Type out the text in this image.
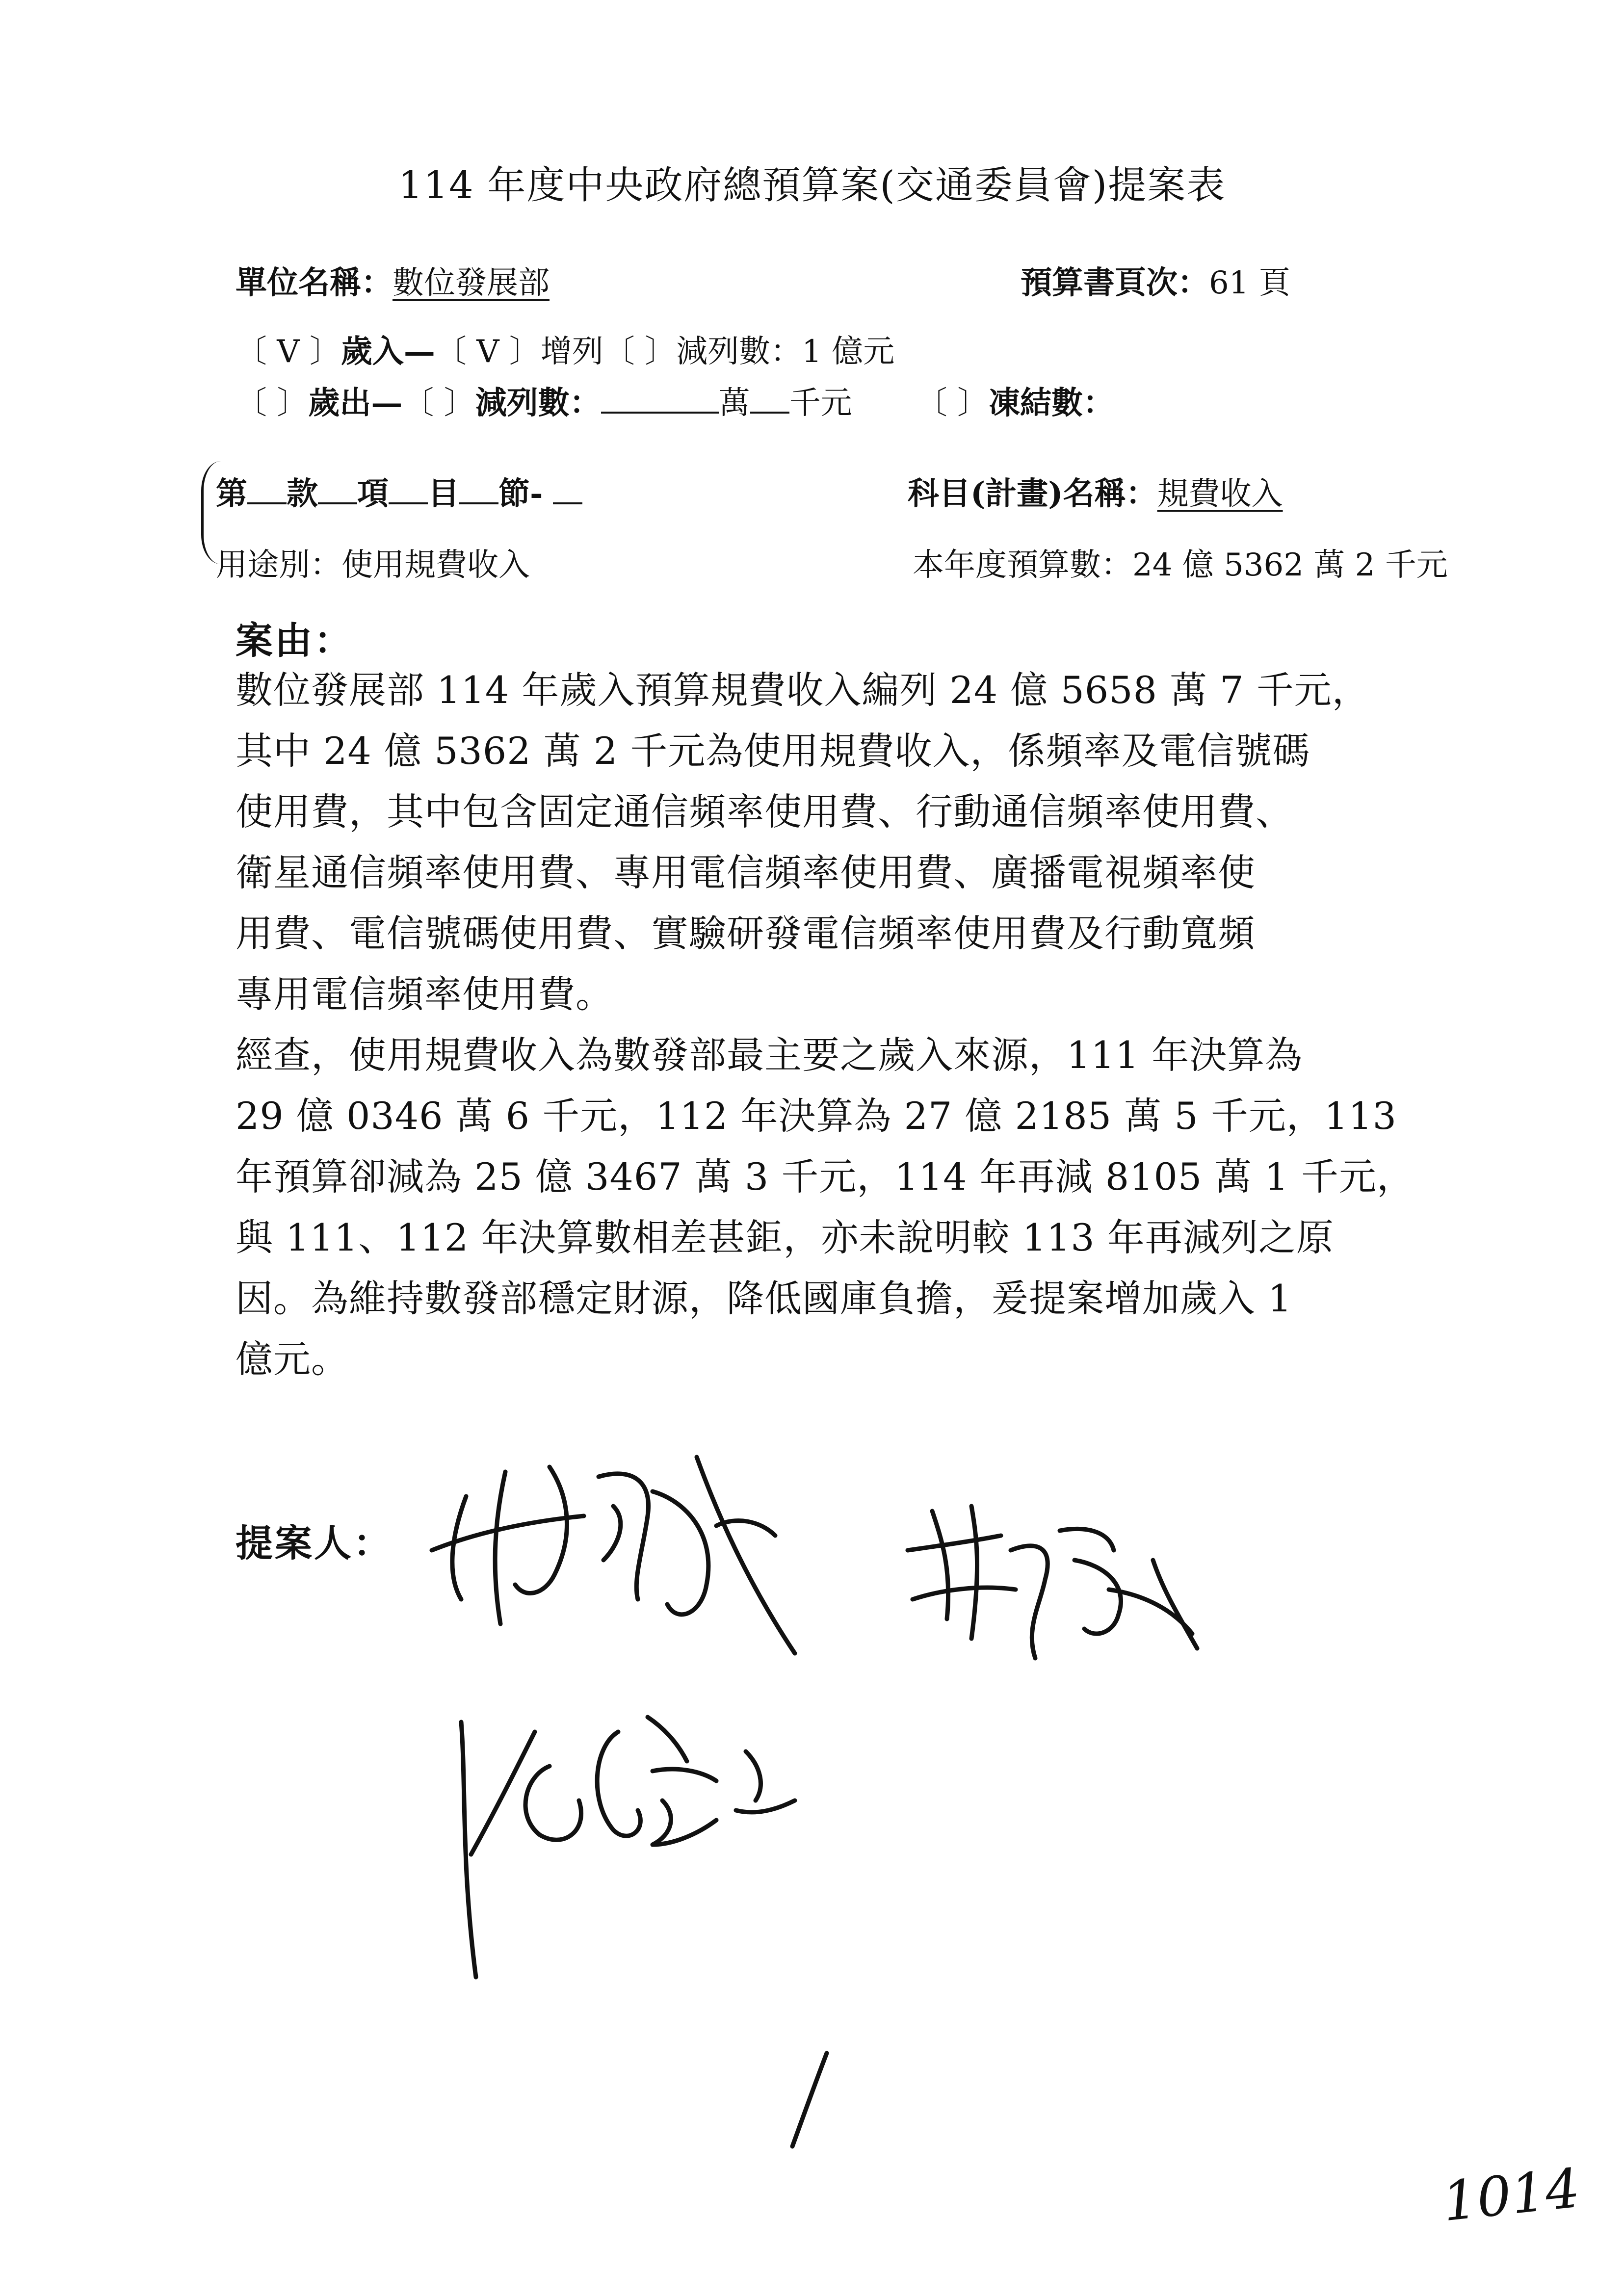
114 年度中央政府總預算案(交通委員會)提案表
單位名稱：數位發展部	預算書頁次：61 頁
〔 V 〕歲入—〔 V 〕增列〔 〕減列數：1 億元
〔 〕歲出—〔 〕減列數：	萬 千元 〔 〕凍結數：
第 款 項 目 節-	科目(計畫)名稱：規費收入
用途別：使用規費收入	本年度預算數：24 億 5362 萬 2 千元
案由：
數位發展部 114 年歲入預算規費收入編列 24 億 5658 萬 7 千元，
其中 24 億 5362 萬 2 千元為使用規費收入，係頻率及電信號碼
使用費，其中包含固定通信頻率使用費、行動通信頻率使用費、
衛星通信頻率使用費、專用電信頻率使用費、廣播電視頻率使
用費、電信號碼使用費、實驗研發電信頻率使用費及行動寬頻
專用電信頻率使用費。
經查，使用規費收入為數發部最主要之歲入來源，111 年決算為
29 億 0346 萬 6 千元，112 年決算為 27 億 2185 萬 5 千元，113
年預算卻減為 25 億 3467 萬 3 千元，114 年再減 8105 萬 1 千元，
與 111、112 年決算數相差甚鉅，亦未說明較 113 年再減列之原
因。為維持數發部穩定財源，降低國庫負擔，爰提案增加歲入 1
億元。
提案人：
1014
